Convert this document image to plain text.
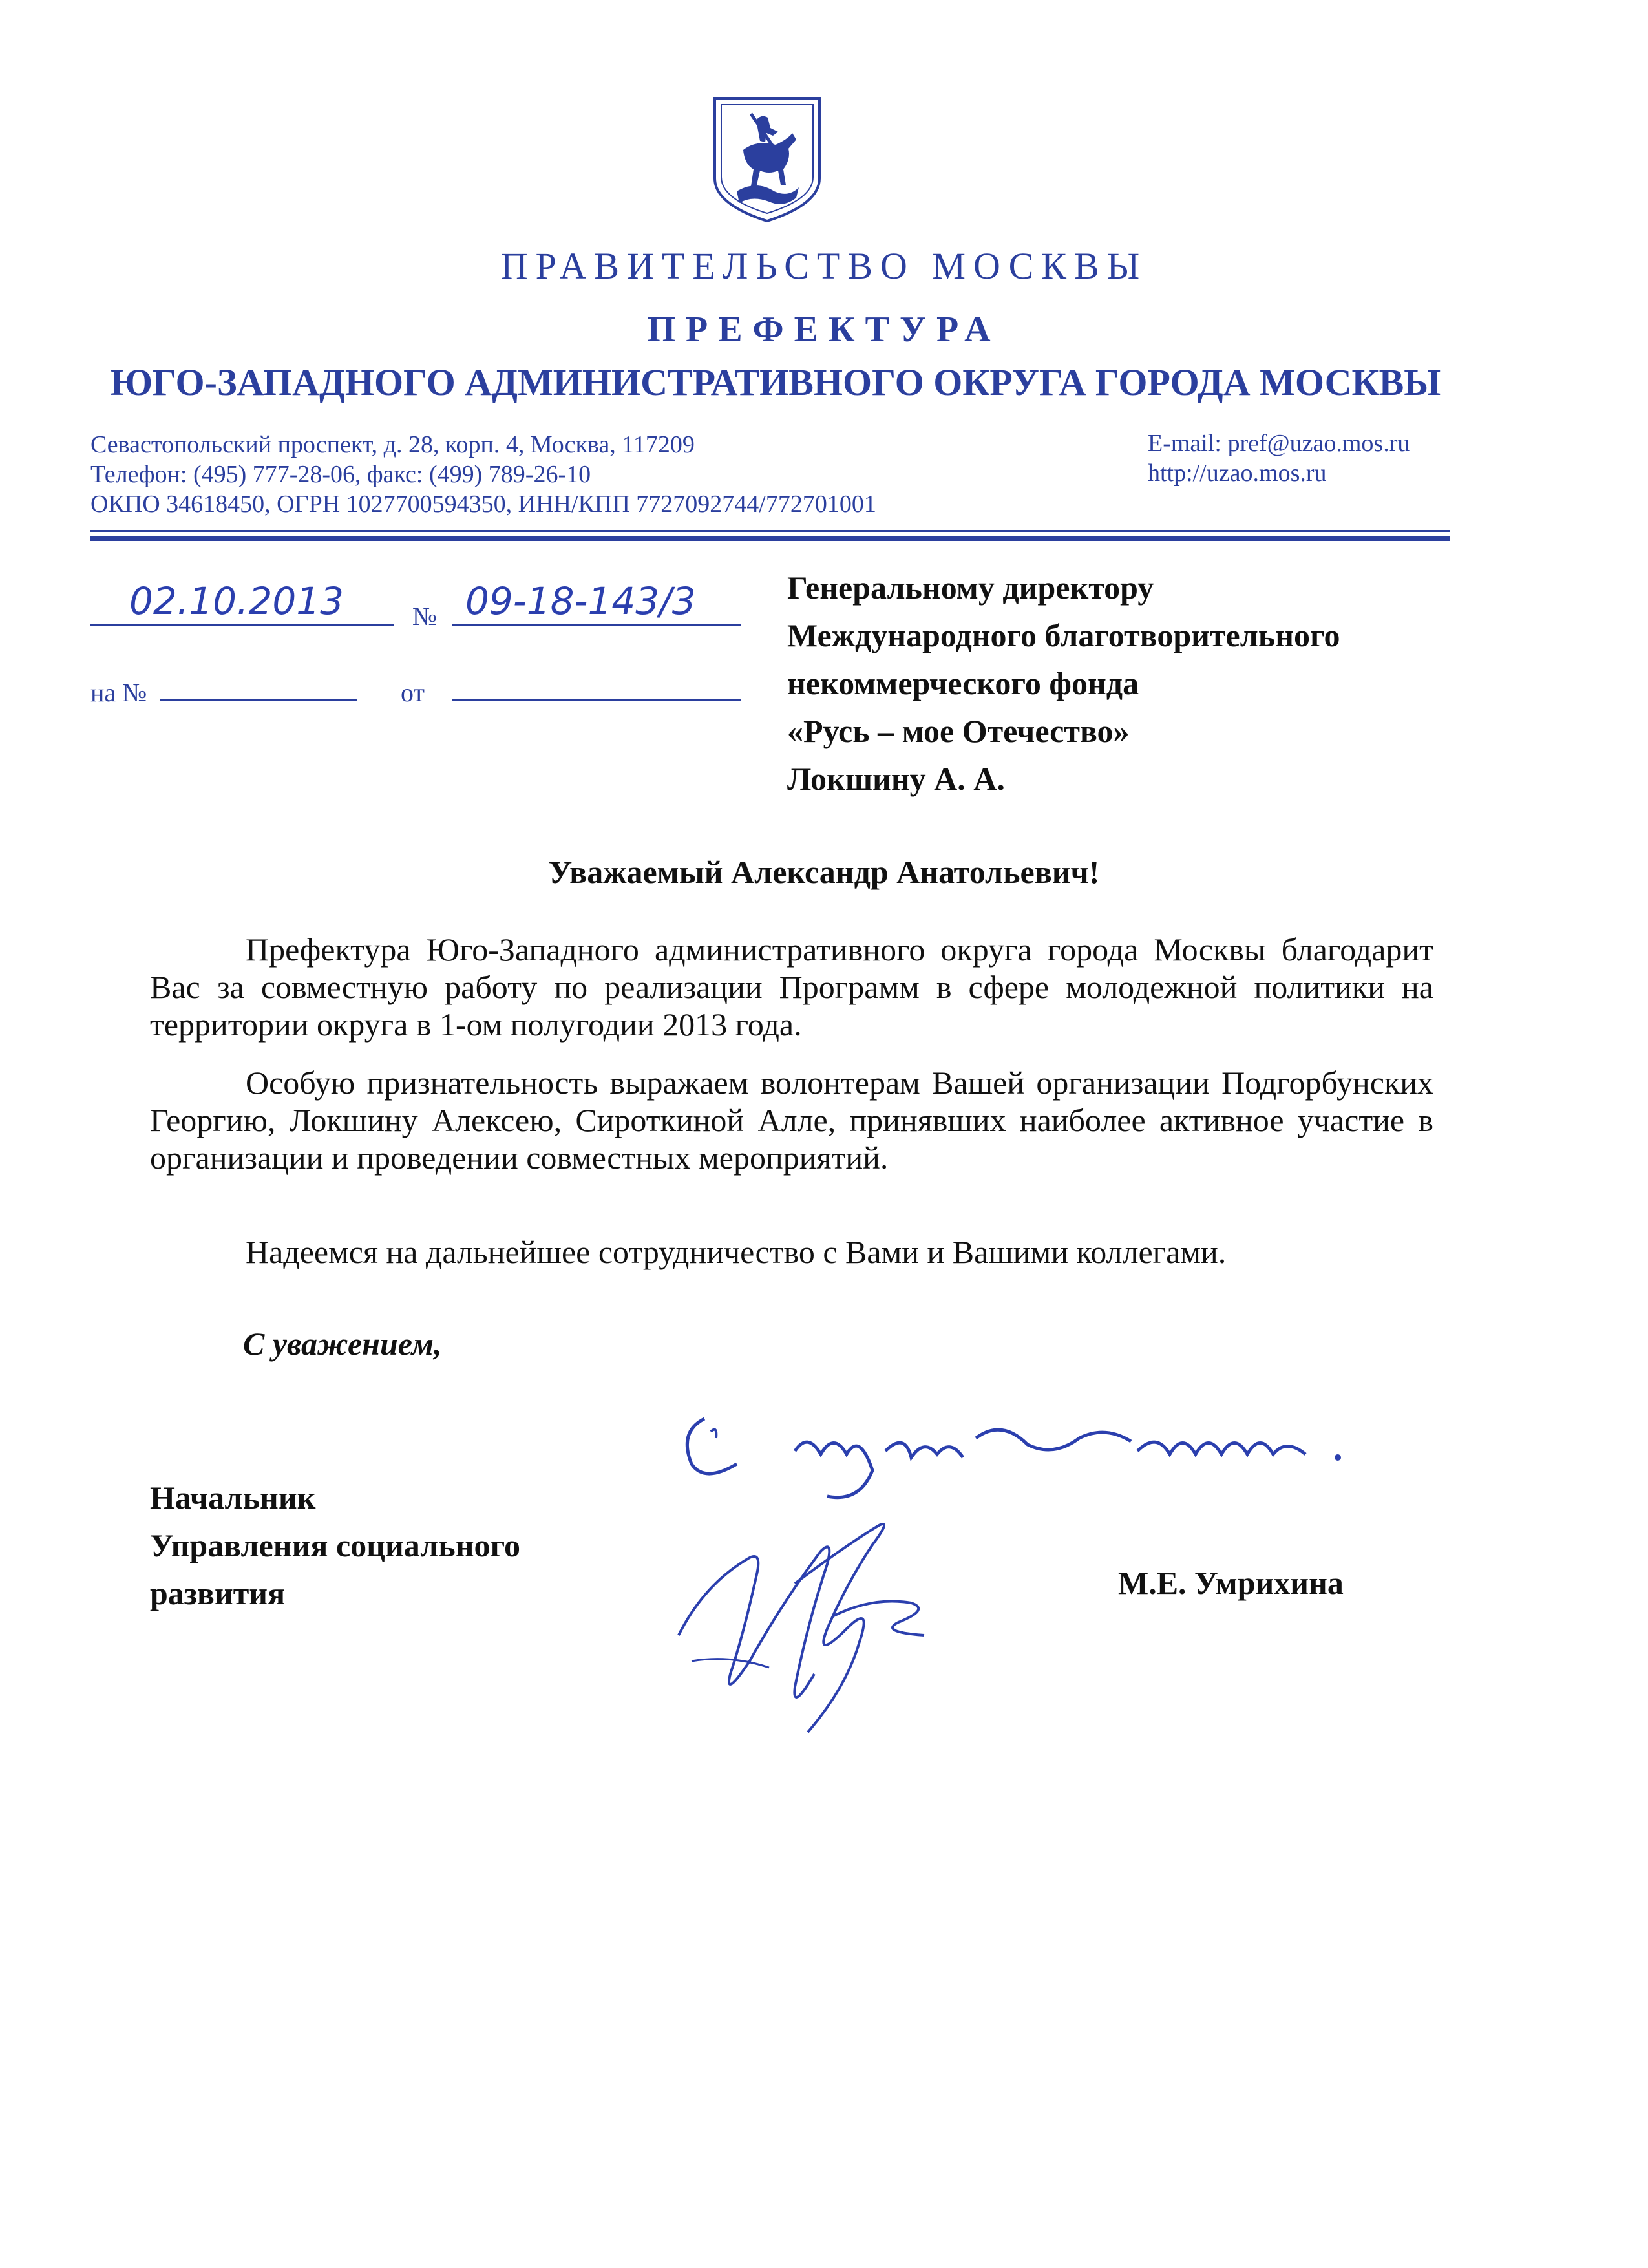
ПРАВИТЕЛЬСТВО МОСКВЫ
ПРЕФЕКТУРА
ЮГО-ЗАПАДНОГО АДМИНИСТРАТИВНОГО ОКРУГА ГОРОДА МОСКВЫ
Севастопольский проспект, д. 28, корп. 4, Москва, 117209
Телефон: (495) 777-28-06, факс: (499) 789-26-10
ОКПО 34618450, ОГРН 1027700594350, ИНН/КПП 7727092744/772701001
E-mail: pref@uzao.mos.ru
http://uzao.mos.ru
02.10.2013	№ 09-18-143/3
на №	от
Генеральному директору
Международного благотворительного
некоммерческого фонда
«Русь – мое Отечество»
Локшину А. А.
Уважаемый Александр Анатольевич!
Префектура Юго-Западного административного округа города Москвы благодарит Вас за совместную работу по реализации Программ в сфере молодежной политики на территории округа в 1-ом полугодии 2013 года.
Особую признательность выражаем волонтерам Вашей организации Подгорбунских Георгию, Локшину Алексею, Сироткиной Алле, принявших наиболее активное участие в организации и проведении совместных мероприятий.
Надеемся на дальнейшее сотрудничество с Вами и Вашими коллегами.
С уважением,
Начальник
Управления социального
развития	М.Е. Умрихина
